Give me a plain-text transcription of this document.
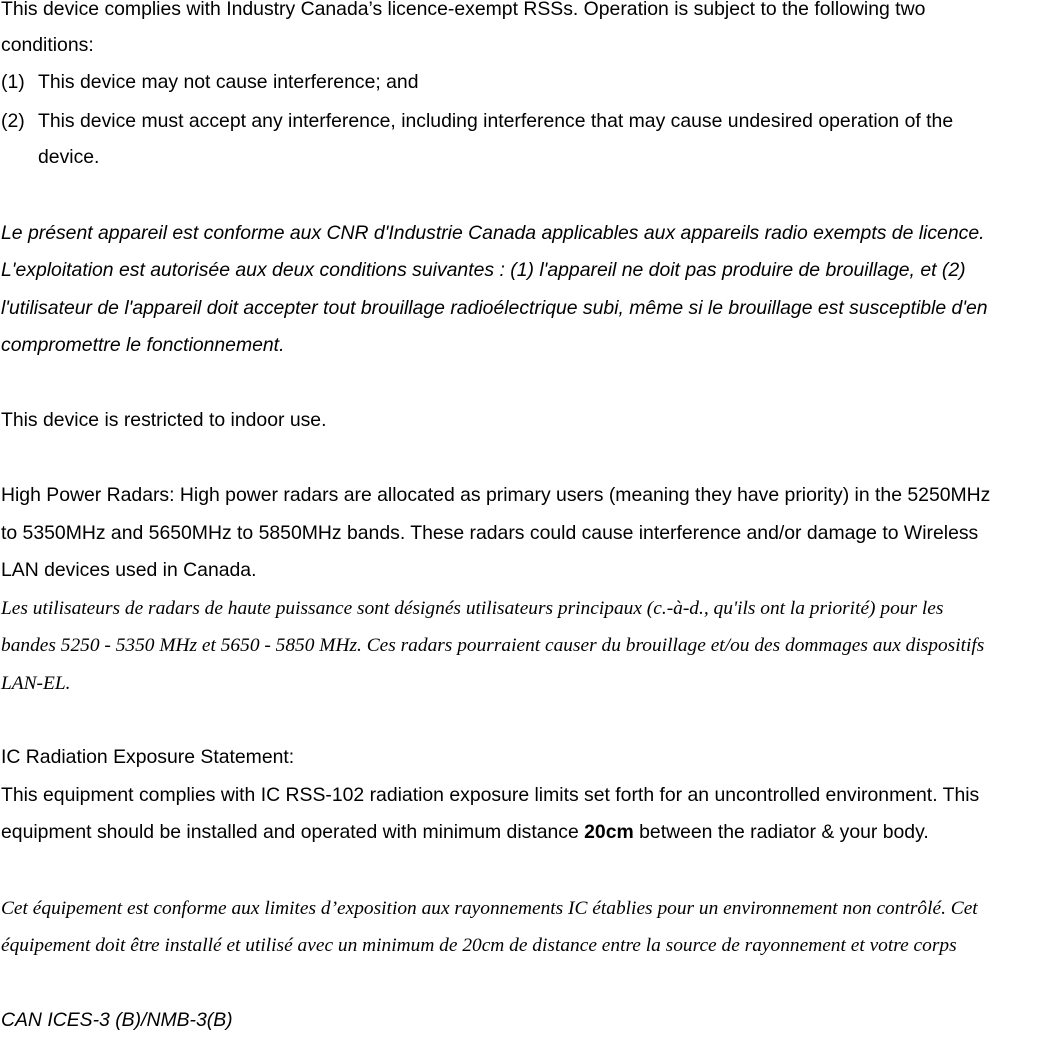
This device complies with Industry Canada’s licence-exempt RSSs. Operation is subject to the following two
conditions:
(1) This device may not cause interference; and
(2) This device must accept any interference, including interference that may cause undesired operation of the
device.
Le présent appareil est conforme aux CNR d'Industrie Canada applicables aux appareils radio exempts de licence.
L'exploitation est autorisée aux deux conditions suivantes : (1) l'appareil ne doit pas produire de brouillage, et (2)
l'utilisateur de l'appareil doit accepter tout brouillage radioélectrique subi, même si le brouillage est susceptible d'en
compromettre le fonctionnement.
This device is restricted to indoor use.
High Power Radars: High power radars are allocated as primary users (meaning they have priority) in the 5250MHz
to 5350MHz and 5650MHz to 5850MHz bands. These radars could cause interference and/or damage to Wireless
LAN devices used in Canada.
Les utilisateurs de radars de haute puissance sont désignés utilisateurs principaux (c.-à-d., qu'ils ont la priorité) pour les
bandes 5250 - 5350 MHz et 5650 - 5850 MHz. Ces radars pourraient causer du brouillage et/ou des dommages aux dispositifs
LAN-EL.
IC Radiation Exposure Statement:
This equipment complies with IC RSS-102 radiation exposure limits set forth for an uncontrolled environment. This
equipment should be installed and operated with minimum distance 20cm between the radiator & your body.
Cet équipement est conforme aux limites d’exposition aux rayonnements IC établies pour un environnement non contrôlé. Cet
équipement doit être installé et utilisé avec un minimum de 20cm de distance entre la source de rayonnement et votre corps
CAN ICES-3 (B)/NMB-3(B)
